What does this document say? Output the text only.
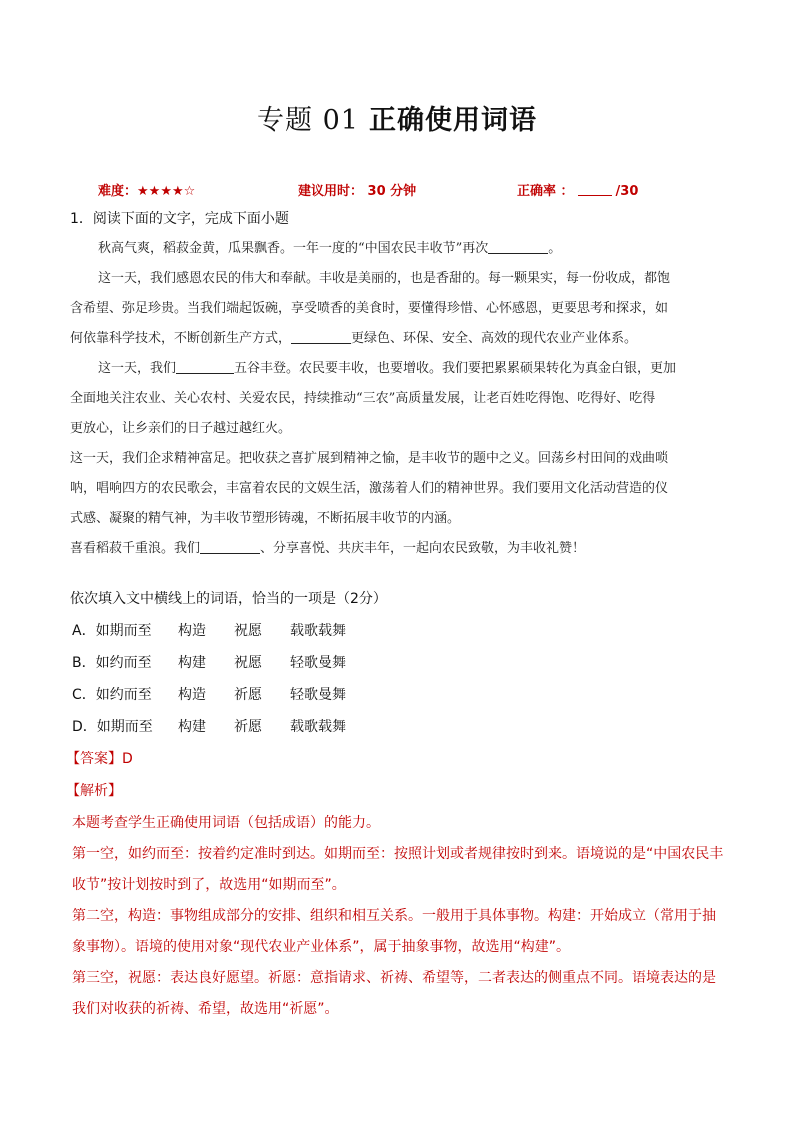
专题 01 正确使用词语
难度：★★★★☆	建议用时： 30 分钟	正确率 ：	/30
1．阅读下面的文字，完成下面小题
秋高气爽，稻菽金黄，瓜果飘香。一年一度的“中国农民丰收节”再次	。
这一天，我们感恩农民的伟大和奉献。丰收是美丽的，也是香甜的。每一颗果实，每一份收成，都饱
含希望、弥足珍贵。当我们端起饭碗，享受喷香的美食时，要懂得珍惜、心怀感恩，更要思考和探求，如
何依靠科学技术，不断创新生产方式，	更绿色、环保、安全、高效的现代农业产业体系。
这一天，我们	五谷丰登。农民要丰收，也要增收。我们要把累累硕果转化为真金白银，更加
全面地关注农业、关心农村、关爱农民，持续推动“三农”高质量发展，让老百姓吃得饱、吃得好、吃得
更放心，让乡亲们的日子越过越红火。
这一天，我们企求精神富足。把收获之喜扩展到精神之愉，是丰收节的题中之义。回荡乡村田间的戏曲唢
呐，唱响四方的农民歌会，丰富着农民的文娱生活，激荡着人们的精神世界。我们要用文化活动营造的仪
式感、凝聚的精气神，为丰收节塑形铸魂，不断拓展丰收节的内涵。
喜看稻菽千重浪。我们	、分享喜悦、共庆丰年，一起向农民致敬，为丰收礼赞！
依次填入文中横线上的词语，恰当的一项是（2分）
A．如期而至 构造 祝愿 载歌载舞
B．如约而至 构建 祝愿 轻歌曼舞
C．如约而至 构造 祈愿 轻歌曼舞
D．如期而至 构建 祈愿 载歌载舞
【答案】D
【解析】

本题考查学生正确使用词语（包括成语）的能力。

第一空，如约而至：按着约定准时到达。如期而至：按照计划或者规律按时到来。语境说的是“中国农民丰

收节”按计划按时到了，故选用“如期而至”。

第二空，构造：事物组成部分的安排、组织和相互关系。一般用于具体事物。构建：开始成立（常用于抽

象事物）。语境的使用对象“现代农业产业体系”，属于抽象事物，故选用“构建”。

第三空，祝愿：表达良好愿望。祈愿：意指请求、祈祷、希望等，二者表达的侧重点不同。语境表达的是

我们对收获的祈祷、希望，故选用“祈愿”。
